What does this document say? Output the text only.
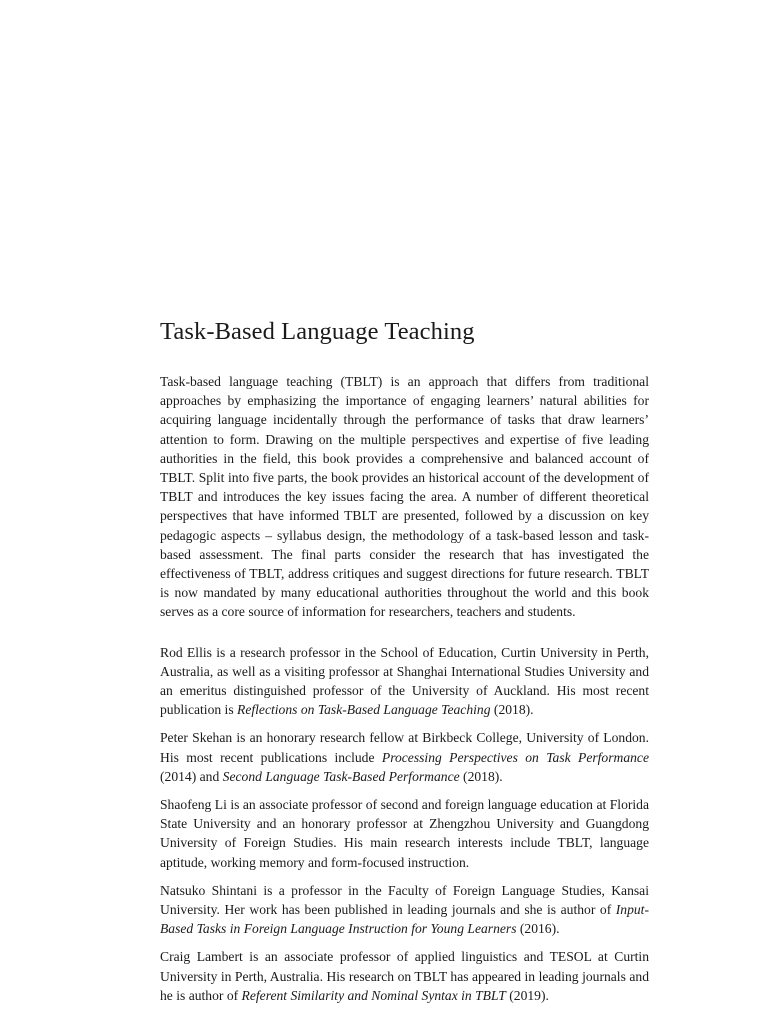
Task-Based Language Teaching

Task-based language teaching (TBLT) is an approach that differs from traditional approaches by emphasizing the importance of engaging learners’ natural abilities for acquiring language incidentally through the performance of tasks that draw learners’ attention to form. Drawing on the multiple perspectives and expertise of five leading authorities in the field, this book provides a comprehensive and balanced account of TBLT. Split into five parts, the book provides an historical account of the development of TBLT and introduces the key issues facing the area. A number of different theoretical perspectives that have informed TBLT are presented, followed by a discussion on key pedagogic aspects – syllabus design, the methodology of a task-based lesson and task-based assessment. The final parts consider the research that has investigated the effectiveness of TBLT, address critiques and suggest directions for future research. TBLT is now mandated by many educational authorities throughout the world and this book serves as a core source of information for researchers, teachers and students.

Rod Ellis is a research professor in the School of Education, Curtin University in Perth, Australia, as well as a visiting professor at Shanghai International Studies University and an emeritus distinguished professor of the University of Auckland. His most recent publication is Reflections on Task-Based Language Teaching (2018).

Peter Skehan is an honorary research fellow at Birkbeck College, University of London. His most recent publications include Processing Perspectives on Task Performance (2014) and Second Language Task-Based Performance (2018).

Shaofeng Li is an associate professor of second and foreign language education at Florida State University and an honorary professor at Zhengzhou University and Guangdong University of Foreign Studies. His main research interests include TBLT, language aptitude, working memory and form-focused instruction.

Natsuko Shintani is a professor in the Faculty of Foreign Language Studies, Kansai University. Her work has been published in leading journals and she is author of Input-Based Tasks in Foreign Language Instruction for Young Learners (2016).

Craig Lambert is an associate professor of applied linguistics and TESOL at Curtin University in Perth, Australia. His research on TBLT has appeared in leading journals and he is author of Referent Similarity and Nominal Syntax in TBLT (2019).
